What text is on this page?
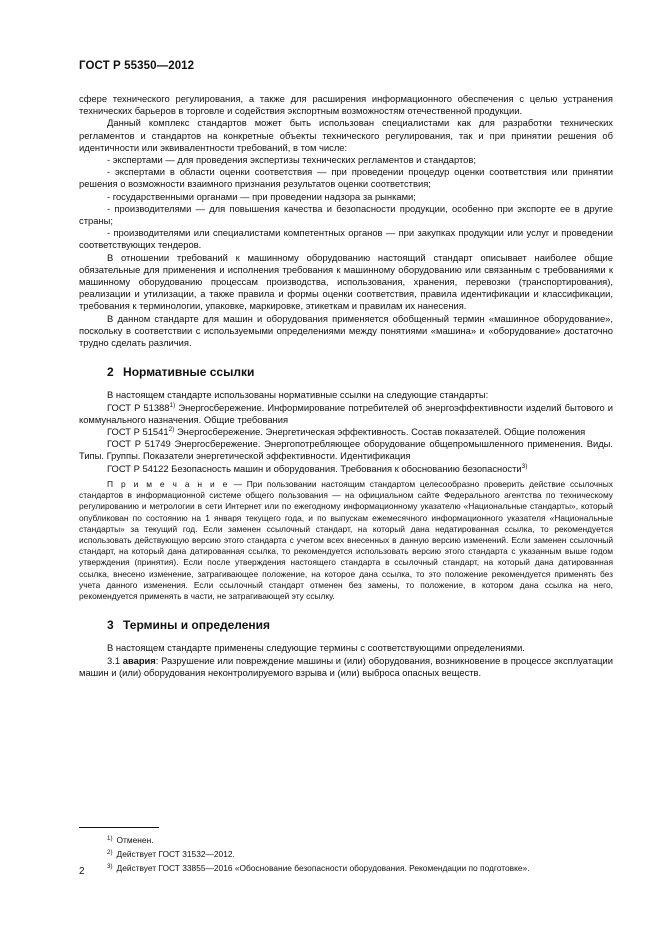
ГОСТ Р 55350—2012

сфере технического регулирования, а также для расширения информационного обеспечения с целью устранения технических барьеров в торговле и содействия экспортным возможностям отечественной продукции.

Данный комплекс стандартов может быть использован специалистами как для разработки технических регламентов и стандартов на конкретные объекты технического регулирования, так и при принятии решения об идентичности или эквивалентности требований, в том числе:

- экспертами — для проведения экспертизы технических регламентов и стандартов;

- экспертами в области оценки соответствия — при проведении процедур оценки соответствия или принятии решения о возможности взаимного признания результатов оценки соответствия;

- государственными органами — при проведении надзора за рынками;

- производителями — для повышения качества и безопасности продукции, особенно при экспорте ее в другие страны;

- производителями или специалистами компетентных органов — при закупках продукции или услуг и проведении соответствующих тендеров.

В отношении требований к машинному оборудованию настоящий стандарт описывает наиболее общие обязательные для применения и исполнения требования к машинному оборудованию или связанным с требованиями к машинному оборудованию процессам производства, использования, хранения, перевозки (транспортирования), реализации и утилизации, а также правила и формы оценки соответствия, правила идентификации и классификации, требования к терминологии, упаковке, маркировке, этикеткам и правилам их нанесения.

В данном стандарте для машин и оборудования применяется обобщенный термин «машинное оборудование», поскольку в соответствии с используемыми определениями между понятиями «машина» и «оборудование» достаточно трудно сделать различия.

2 Нормативные ссылки

В настоящем стандарте использованы нормативные ссылки на следующие стандарты:

ГОСТ Р 51388$^{1)}$ Энергосбережение. Информирование потребителей об энергоэффективности изделий бытового и коммунального назначения. Общие требования

ГОСТ Р 51541$^{2)}$ Энергосбережение. Энергетическая эффективность. Состав показателей. Общие положения

ГОСТ Р 51749 Энергосбережение. Энергопотребляющее оборудование общепромышленного применения. Виды. Типы. Группы. Показатели энергетической эффективности. Идентификация

ГОСТ Р 54122 Безопасность машин и оборудования. Требования к обоснованию безопасности$^{3)}$

П р и м е ч а н и е — При пользовании настоящим стандартом целесообразно проверить действие ссылочных стандартов в информационной системе общего пользования — на официальном сайте Федерального агентства по техническому регулированию и метрологии в сети Интернет или по ежегодному информационному указателю «Национальные стандарты», который опубликован по состоянию на 1 января текущего года, и по выпускам ежемесячного информационного указателя «Национальные стандарты» за текущий год. Если заменен ссылочный стандарт, на который дана недатированная ссылка, то рекомендуется использовать действующую версию этого стандарта с учетом всех внесенных в данную версию изменений. Если заменен ссылочный стандарт, на который дана датированная ссылка, то рекомендуется использовать версию этого стандарта с указанным выше годом утверждения (принятия). Если после утверждения настоящего стандарта в ссылочный стандарт, на который дана датированная ссылка, внесено изменение, затрагивающее положение, на которое дана ссылка, то это положение рекомендуется применять без учета данного изменения. Если ссылочный стандарт отменен без замены, то положение, в котором дана ссылка на него, рекомендуется применять в части, не затрагивающей эту ссылку.

3 Термины и определения

В настоящем стандарте применены следующие термины с соответствующими определениями.

3.1 авария: Разрушение или повреждение машины и (или) оборудования, возникновение в процессе эксплуатации машин и (или) оборудования неконтролируемого взрыва и (или) выброса опасных веществ.

$^{1)}$ Отменен.

$^{2)}$ Действует ГОСТ 31532—2012.

$^{3)}$ Действует ГОСТ 33855—2016 «Обоснование безопасности оборудования. Рекомендации по подготовке».

2
